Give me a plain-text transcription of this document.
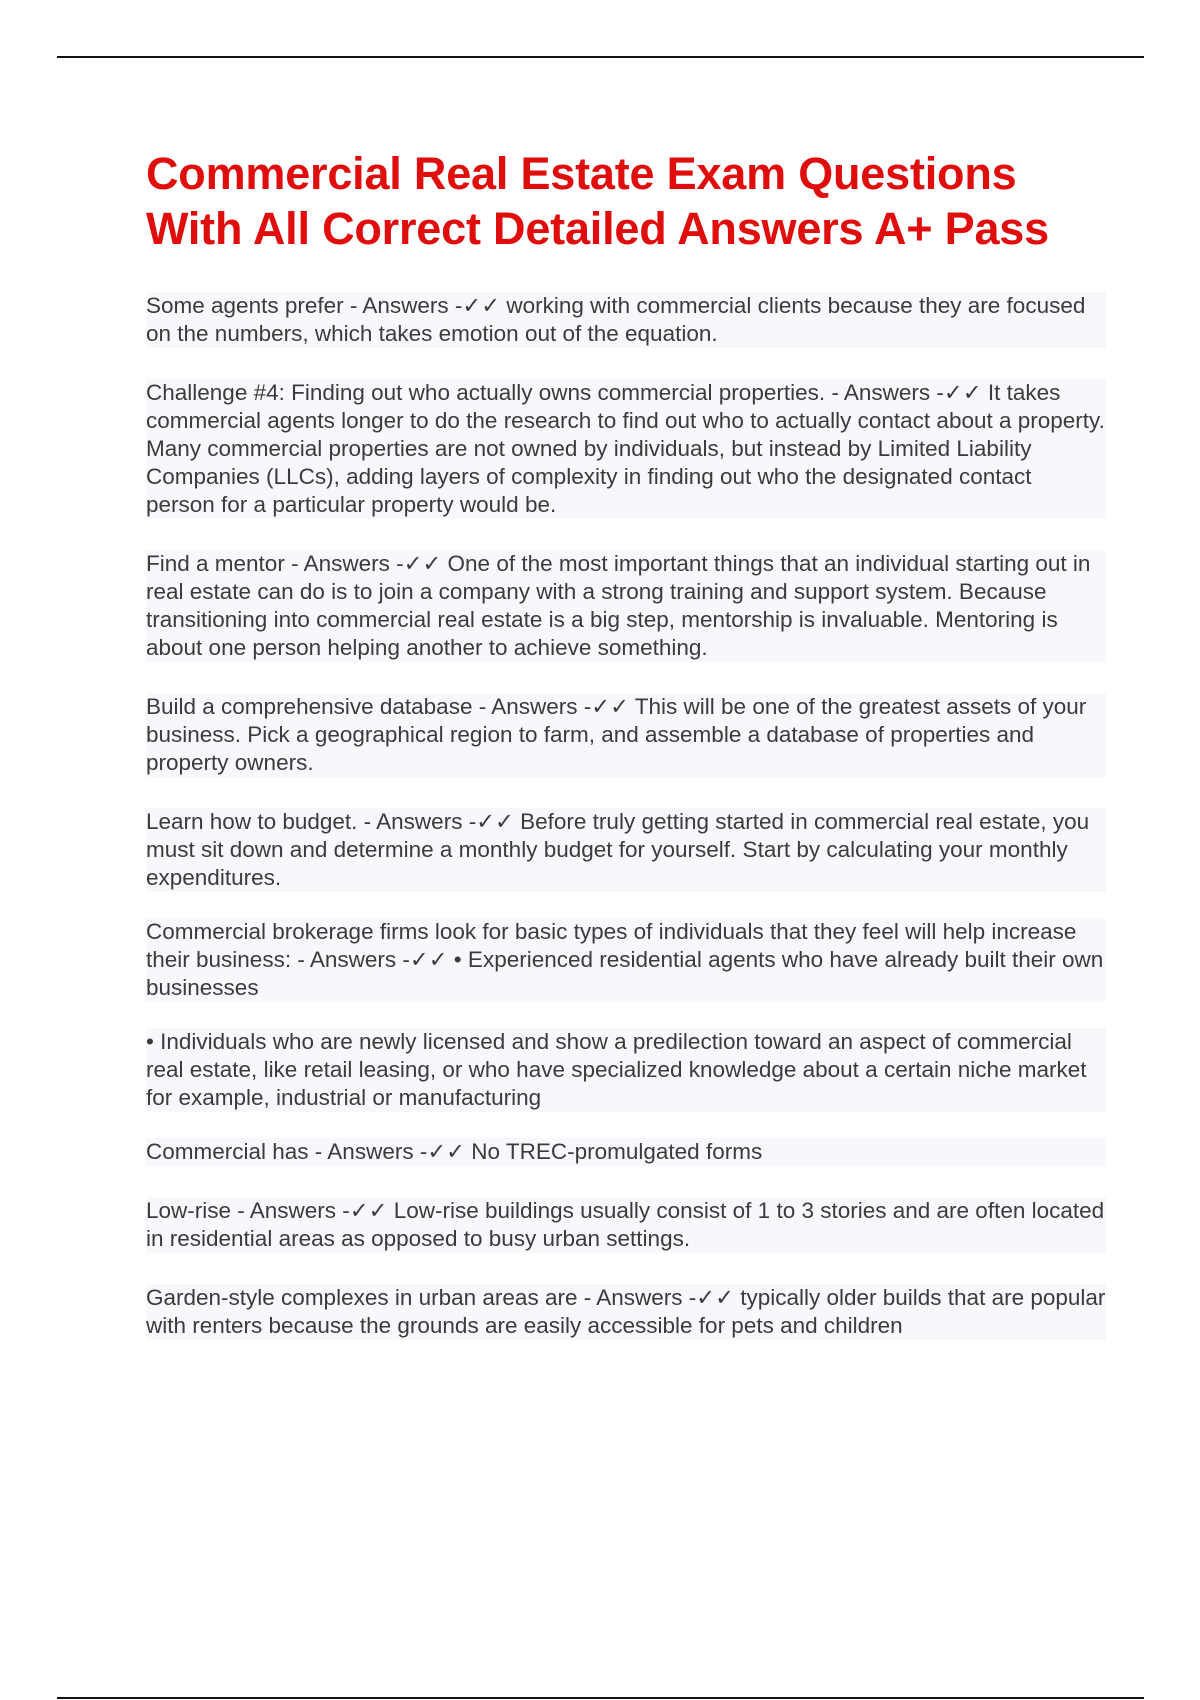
Commercial Real Estate Exam Questions With All Correct Detailed Answers A+ Pass

Some agents prefer - Answers -✓✓ working with commercial clients because they are focused on the numbers, which takes emotion out of the equation.

Challenge #4: Finding out who actually owns commercial properties. - Answers -✓✓ It takes commercial agents longer to do the research to find out who to actually contact about a property. Many commercial properties are not owned by individuals, but instead by Limited Liability Companies (LLCs), adding layers of complexity in finding out who the designated contact person for a particular property would be.

Find a mentor - Answers -✓✓ One of the most important things that an individual starting out in real estate can do is to join a company with a strong training and support system. Because transitioning into commercial real estate is a big step, mentorship is invaluable. Mentoring is about one person helping another to achieve something.

Build a comprehensive database - Answers -✓✓ This will be one of the greatest assets of your business. Pick a geographical region to farm, and assemble a database of properties and property owners.

Learn how to budget. - Answers -✓✓ Before truly getting started in commercial real estate, you must sit down and determine a monthly budget for yourself. Start by calculating your monthly expenditures.

Commercial brokerage firms look for basic types of individuals that they feel will help increase their business: - Answers -✓✓ • Experienced residential agents who have already built their own businesses

• Individuals who are newly licensed and show a predilection toward an aspect of commercial real estate, like retail leasing, or who have specialized knowledge about a certain niche market for example, industrial or manufacturing

Commercial has - Answers -✓✓ No TREC-promulgated forms

Low-rise - Answers -✓✓ Low-rise buildings usually consist of 1 to 3 stories and are often located in residential areas as opposed to busy urban settings.

Garden-style complexes in urban areas are - Answers -✓✓ typically older builds that are popular with renters because the grounds are easily accessible for pets and children
